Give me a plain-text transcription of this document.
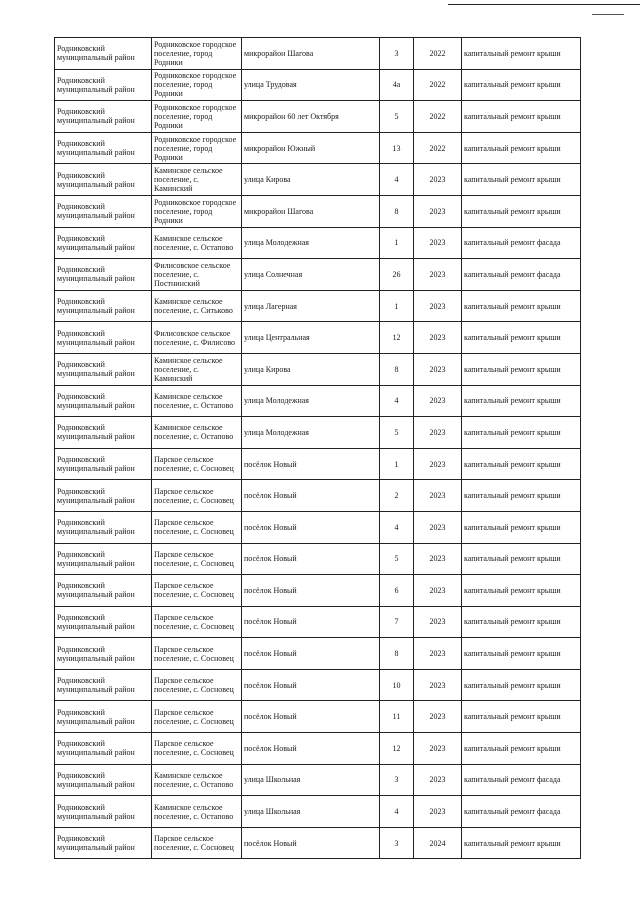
Родниковский муниципальный район	Родниковское городское поселение, город Родники	микрорайон Шагова	3	2022	капитальный ремонт крыши
Родниковский муниципальный район	Родниковское городское поселение, город Родники	улица Трудовая	4а	2022	капитальный ремонт крыши
Родниковский муниципальный район	Родниковское городское поселение, город Родники	микрорайон 60 лет Октября	5	2022	капитальный ремонт крыши
Родниковский муниципальный район	Родниковское городское поселение, город Родники	микрорайон Южный	13	2022	капитальный ремонт крыши
Родниковский муниципальный район	Каминское сельское поселение, с. Каминский	улица Кирова	4	2023	капитальный ремонт крыши
Родниковский муниципальный район	Родниковское городское поселение, город Родники	микрорайон Шагова	8	2023	капитальный ремонт крыши
Родниковский муниципальный район	Каминское сельское поселение, с. Остапово	улица Молодежная	1	2023	капитальный ремонт фасада
Родниковский муниципальный район	Филисовское сельское поселение, с. Постнинский	улица Солнечная	26	2023	капитальный ремонт фасада
Родниковский муниципальный район	Каминское сельское поселение, с. Ситьково	улица Лагерная	1	2023	капитальный ремонт крыши
Родниковский муниципальный район	Филисовское сельское поселение, с. Филисово	улица Центральная	12	2023	капитальный ремонт крыши
Родниковский муниципальный район	Каминское сельское поселение, с. Каминский	улица Кирова	8	2023	капитальный ремонт крыши
Родниковский муниципальный район	Каминское сельское поселение, с. Остапово	улица Молодежная	4	2023	капитальный ремонт крыши
Родниковский муниципальный район	Каминское сельское поселение, с. Остапово	улица Молодежная	5	2023	капитальный ремонт крыши
Родниковский муниципальный район	Парское сельское поселение, с. Сосновец	посёлок Новый	1	2023	капитальный ремонт крыши
Родниковский муниципальный район	Парское сельское поселение, с. Сосновец	посёлок Новый	2	2023	капитальный ремонт крыши
Родниковский муниципальный район	Парское сельское поселение, с. Сосновец	посёлок Новый	4	2023	капитальный ремонт крыши
Родниковский муниципальный район	Парское сельское поселение, с. Сосновец	посёлок Новый	5	2023	капитальный ремонт крыши
Родниковский муниципальный район	Парское сельское поселение, с. Сосновец	посёлок Новый	6	2023	капитальный ремонт крыши
Родниковский муниципальный район	Парское сельское поселение, с. Сосновец	посёлок Новый	7	2023	капитальный ремонт крыши
Родниковский муниципальный район	Парское сельское поселение, с. Сосновец	посёлок Новый	8	2023	капитальный ремонт крыши
Родниковский муниципальный район	Парское сельское поселение, с. Сосновец	посёлок Новый	10	2023	капитальный ремонт крыши
Родниковский муниципальный район	Парское сельское поселение, с. Сосновец	посёлок Новый	11	2023	капитальный ремонт крыши
Родниковский муниципальный район	Парское сельское поселение, с. Сосновец	посёлок Новый	12	2023	капитальный ремонт крыши
Родниковский муниципальный район	Каминское сельское поселение, с. Остапово	улица Школьная	3	2023	капитальный ремонт фасада
Родниковский муниципальный район	Каминское сельское поселение, с. Остапово	улица Школьная	4	2023	капитальный ремонт фасада
Родниковский муниципальный район	Парское сельское поселение, с. Сосновец	посёлок Новый	3	2024	капитальный ремонт крыши
